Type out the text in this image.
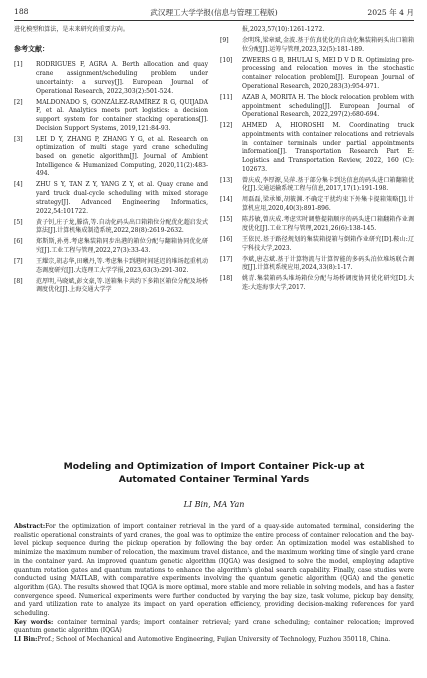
188	武汉理工大学学报(信息与管理工程版)	2025 年 4 月

进化模型和算法，是未来研究的重要方向。

参考文献：
[1]	RODRIGUES F, AGRA A. Berth allocation and quay crane assignment/scheduling problem under uncertainty: a survey[J]. European Journal of Operational Research, 2022,303(2):501-524.
[2]	MALDONADO S, GONZÁLEZ-RAMÍREZ R G, QUIJADA F, et al. Analytics meets port logistics: a decision support system for container stacking operations[J]. Decision Support Systems, 2019,121:84-93.
[3]	LEI D Y, ZHANG P, ZHANG Y G, et al. Research on optimization of multi stage yard crane scheduling based on genetic algorithm[J]. Journal of Ambient Intelligence & Humanized Computing, 2020,11(2):483-494.
[4]	ZHU S Y, TAN Z Y, YANG Z Y, et al. Quay crane and yard truck dual-cycle scheduling with mixed storage strategy[J]. Advanced Engineering Informatics, 2022,54:101722.
[5]	黄子钊,庄子龙,滕浩,等.自动化码头出口箱箱位分配优化超启发式算法[J].计算机集成制造系统,2022,28(8):2619-2632.
[6]	郑斯斯,孙勇.考虑集装箱同步出港的箱位分配与翻箱协同优化研究[J].工业工程与管理,2022,27(3):33-43.
[7]	王耀宗,胡志华,田曦丹,等.考虑集卡到港时间延迟的堆场起重机动态调度研究[J].大连理工大学学报,2023,63(3):291-302.
[8]	范厚明,马晓斌,彭文豪,等.送箱集卡共约下多箱区箱位分配及场桥调度优化[J].上海交通大学学
报,2023,57(10):1261-1272.
[9]	余明珠,梁章斌,金波.基于仿真优化的自动化集装箱码头出口箱箱位分配[J].运筹与管理,2023,32(5):181-189.
[10]	ZWEERS G B, BHULAI S, MEI D V D R. Optimizing pre-processing and relocation moves in the stochastic container relocation problem[J]. European Journal of Operational Research, 2020,283(3):954-971.
[11]	AZAB A, MORITA H. The block relocation problem with appointment scheduling[J]. European Journal of Operational Research, 2022,297(2):680-694.
[12]	AHMED A, HIOROSHI M. Coordinating truck appointments with container relocations and retrievals in container terminals under partial appointments information[J]. Transportation Research Part E: Logistics and Transportation Review, 2022, 160 (C): 102673.
[13]	曾庆成,李厚源,吴萍.基于部分集卡到达信息的码头进口箱翻箱优化[J].交通运输系统工程与信息,2017,17(1):191-198.
[14]	周磊磊,梁承姬,胡筱渊.不确定干扰约束下外集卡提箱策略[J].计算机应用,2020,40(3):891-896.
[15]	陈苏敏,曾庆成.考虑实时调整提箱顺序的码头进口箱翻箱作业调度优化[J].工业工程与管理,2021,26(6):138-145.
[16]	王依民.基于路径规划的集装箱提箱与倒箱作业研究[D].鞍山:辽宁科技大学,2023.
[17]	李斌,唐志斌.基于计算物流与计算智能的多码头泊位堆场联合调度[J].计算机系统应用,2024,33(8):1-17.
[18]	姚青.集装箱码头堆场箱位分配与场桥调度协同优化研究[D].大连:大连海事大学,2017.
Modeling and Optimization of Import Container Pick-up at
Automated Container Terminal Yards
LI Bin, MA Yan
Abstract:For the optimization of import container retrieval in the yard of a quay-side automated terminal, considering the realistic operational constraints of yard cranes, the goal was to optimize the entire process of container relocation and the bay-level pickup sequence during the pickup operation by following the bay order. An optimization model was established to minimize the maximum number of relocation, the maximum travel distance, and the maximum working time of single yard crane in the container yard. An improved quantum genetic algorithm (IQGA) was designed to solve the model, employing adaptive quantum rotation gates and quantum mutations to enhance the algorithm's global search capability. Finally, case studies were conducted using MATLAB, with comparative experiments involving the quantum genetic algorithm (QGA) and the genetic algorithm (GA). The results showed that IQGA is more optimal, more stable and more reliable in solving models, and has a faster convergence speed. Numerical experiments were further conducted by varying the bay size, task volume, pickup bay density, and yard utilization rate to analyze its impact on yard operation efficiency, providing decision-making references for yard scheduling.
Key words: container terminal yards; import container retrieval; yard crane scheduling; container relocation; improved quantum genetic algorithm (IQGA)
LI Bin:Prof.; School of Mechanical and Automotive Engineering, Fujian University of Technology, Fuzhou 350118, China.
